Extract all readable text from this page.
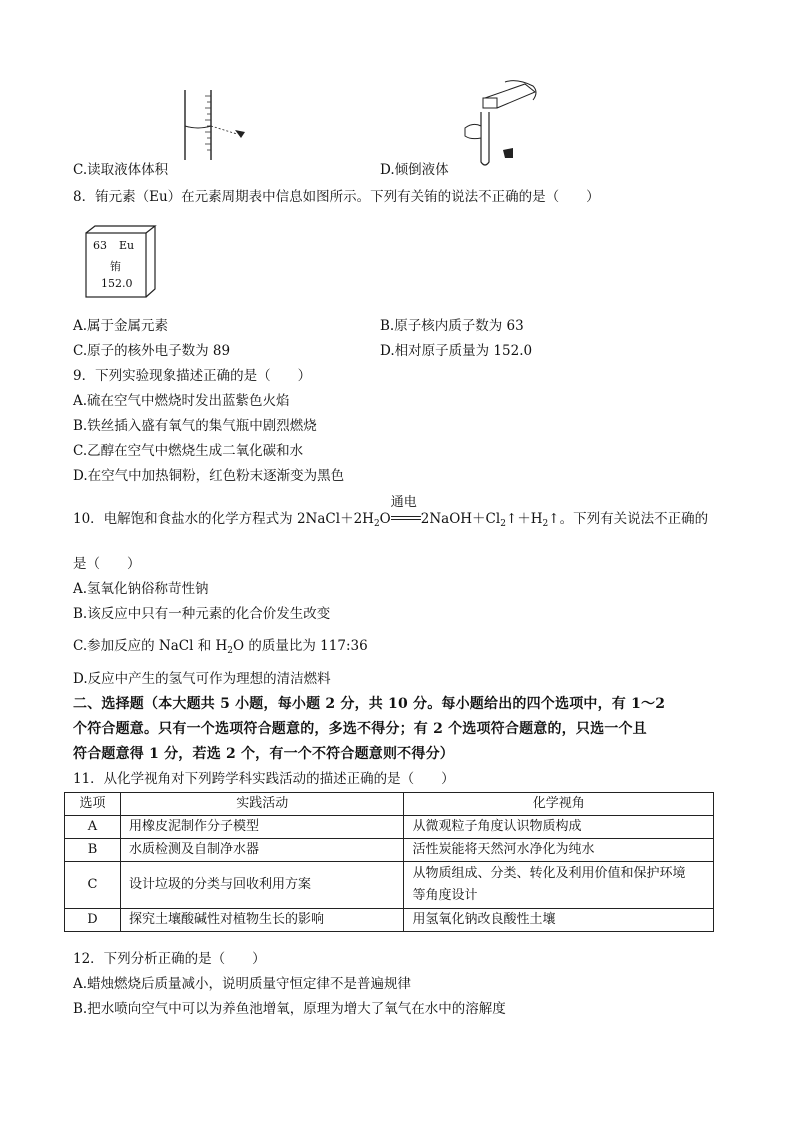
C.读取液体体积	D.倾倒液体
8．铕元素（Eu）在元素周期表中信息如图所示。下列有关铕的说法不正确的是（　　）
63 Eu
铕
152.0
A.属于金属元素	B.原子核内质子数为 63
C.原子的核外电子数为 89	D.相对原子质量为 152.0
9．下列实验现象描述正确的是（　　）
A.硫在空气中燃烧时发出蓝紫色火焰
B.铁丝插入盛有氧气的集气瓶中剧烈燃烧
C.乙醇在空气中燃烧生成二氧化碳和水
D.在空气中加热铜粉，红色粉末逐渐变为黑色
10．电解饱和食盐水的化学方程式为 $2NaCl+2H_2O$
通电
$2NaOH+Cl_2↑+H_2↑$。下列有关说法不正确的
是（　　）
A.氢氧化钠俗称苛性钠
B.该反应中只有一种元素的化合价发生改变
C.参加反应的 NaCl 和 $H_2O$ 的质量比为 117:36
D.反应中产生的氢气可作为理想的清洁燃料
二、选择题（本大题共 5 小题，每小题 2 分，共 10 分。每小题给出的四个选项中，有 1～2
个符合题意。只有一个选项符合题意的，多选不得分；有 2 个选项符合题意的，只选一个且
符合题意得 1 分，若选 2 个，有一个不符合题意则不得分）
11．从化学视角对下列跨学科实践活动的描述正确的是（　　）
选项	实践活动	化学视角
A	用橡皮泥制作分子模型	从微观粒子角度认识物质构成
B	水质检测及自制净水器	活性炭能将天然河水净化为纯水
C	设计垃圾的分类与回收利用方案	从物质组成、分类、转化及利用价值和保护环境
等角度设计
D	探究土壤酸碱性对植物生长的影响	用氢氧化钠改良酸性土壤
12．下列分析正确的是（　　）
A.蜡烛燃烧后质量减小，说明质量守恒定律不是普遍规律
B.把水喷向空气中可以为养鱼池增氧，原理为增大了氧气在水中的溶解度
